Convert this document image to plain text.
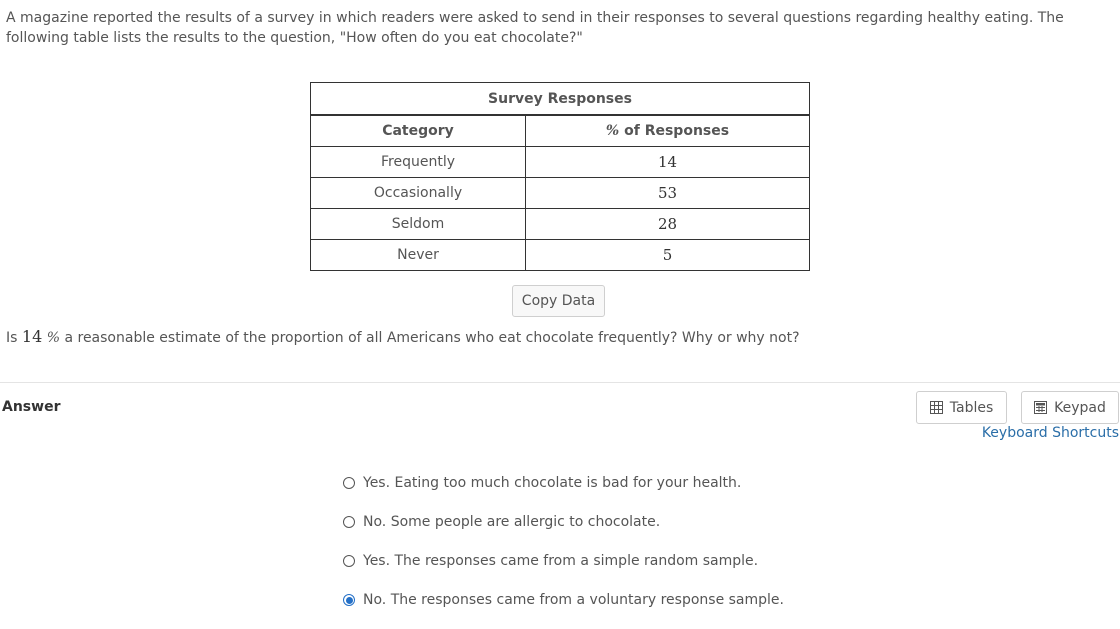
A magazine reported the results of a survey in which readers were asked to send in their responses to several questions regarding healthy eating. The following table lists the results to the question, "How often do you eat chocolate?"

Survey Responses	
Category	% of Responses
Frequently	14
Occasionally	53
Seldom	28
Never	5
Copy Data
Is 14 % a reasonable estimate of the proportion of all Americans who eat chocolate frequently? Why or why not?
Answer	Tables	Keypad
Keyboard Shortcuts
Yes. Eating too much chocolate is bad for your health.
No. Some people are allergic to chocolate.
Yes. The responses came from a simple random sample.
No. The responses came from a voluntary response sample.
